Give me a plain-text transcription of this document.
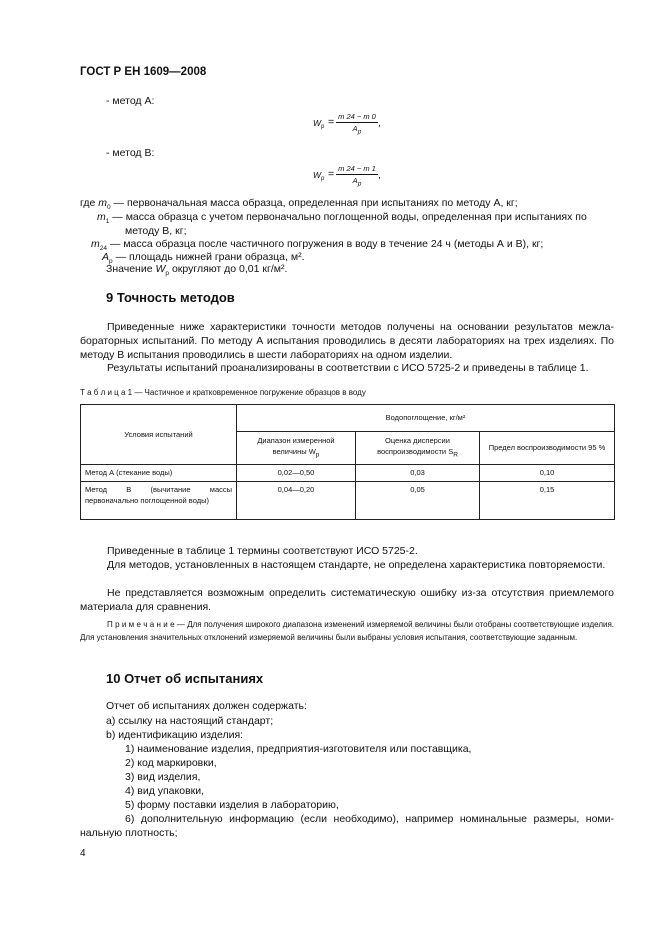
ГОСТ Р ЕН 1609—2008
- метод А:
W $p = \frac{m 24 - m 0}{A_p}$ ,
- метод В:
W $p = \frac{m 24 - m 1}{A_p}$ ,
где $m_0$ — первоначальная масса образца, определенная при испытаниях по методу А, кг;
$m_1$ — масса образца с учетом первоначально поглощенной воды, определенная при испытаниях по
методу В, кг;
$m_{24}$ — масса образца после частичного погружения в воду в течение 24 ч (методы А и В), кг;
$A_p$ — площадь нижней грани образца, м².
Значение $W_p$ округляют до 0,01 кг/м².
9 Точность методов
Приведенные ниже характеристики точности методов получены на основании результатов межлабораторных испытаний. По методу А испытания проводились в десяти лабораториях на трех изделиях. По методу В испытания проводились в шести лабораториях на одном изделии.
Результаты испытаний проанализированы в соответствии с ИСО 5725-2 и приведены в таблице 1.
Т а б л и ц а 1 — Частичное и кратковременное погружение образцов в воду
Условия испытаний	Водопоглощение, кг/м²		
	Диапазон измеренной величины $W_p$	Оценка дисперсии воспроизводимости $S_R$	Предел воспроизводимости 95 %
Метод А (стекание воды)	0,02—0,50	0,03	0,10
Метод В (вычитание массы первоначально поглощенной воды)	0,04—0,20	0,05	0,15
Приведенные в таблице 1 термины соответствуют ИСО 5725-2.
Для методов, установленных в настоящем стандарте, не определена характеристика повторяемости.
Не представляется возможным определить систематическую ошибку из-за отсутствия приемлемого материала для сравнения.
П р и м е ч а н и е — Для получения широкого диапазона изменений измеряемой величины были отобраны соответствующие изделия. Для установления значительных отклонений измеряемой величины были выбраны условия испытания, соответствующие заданным.
10 Отчет об испытаниях
Отчет об испытаниях должен содержать:
а) ссылку на настоящий стандарт;
b) идентификацию изделия:
1) наименование изделия, предприятия-изготовителя или поставщика,
2) код маркировки,
3) вид изделия,
4) вид упаковки,
5) форму поставки изделия в лабораторию,
6) дополнительную информацию (если необходимо), например номинальные размеры, номинальную плотность;
4
